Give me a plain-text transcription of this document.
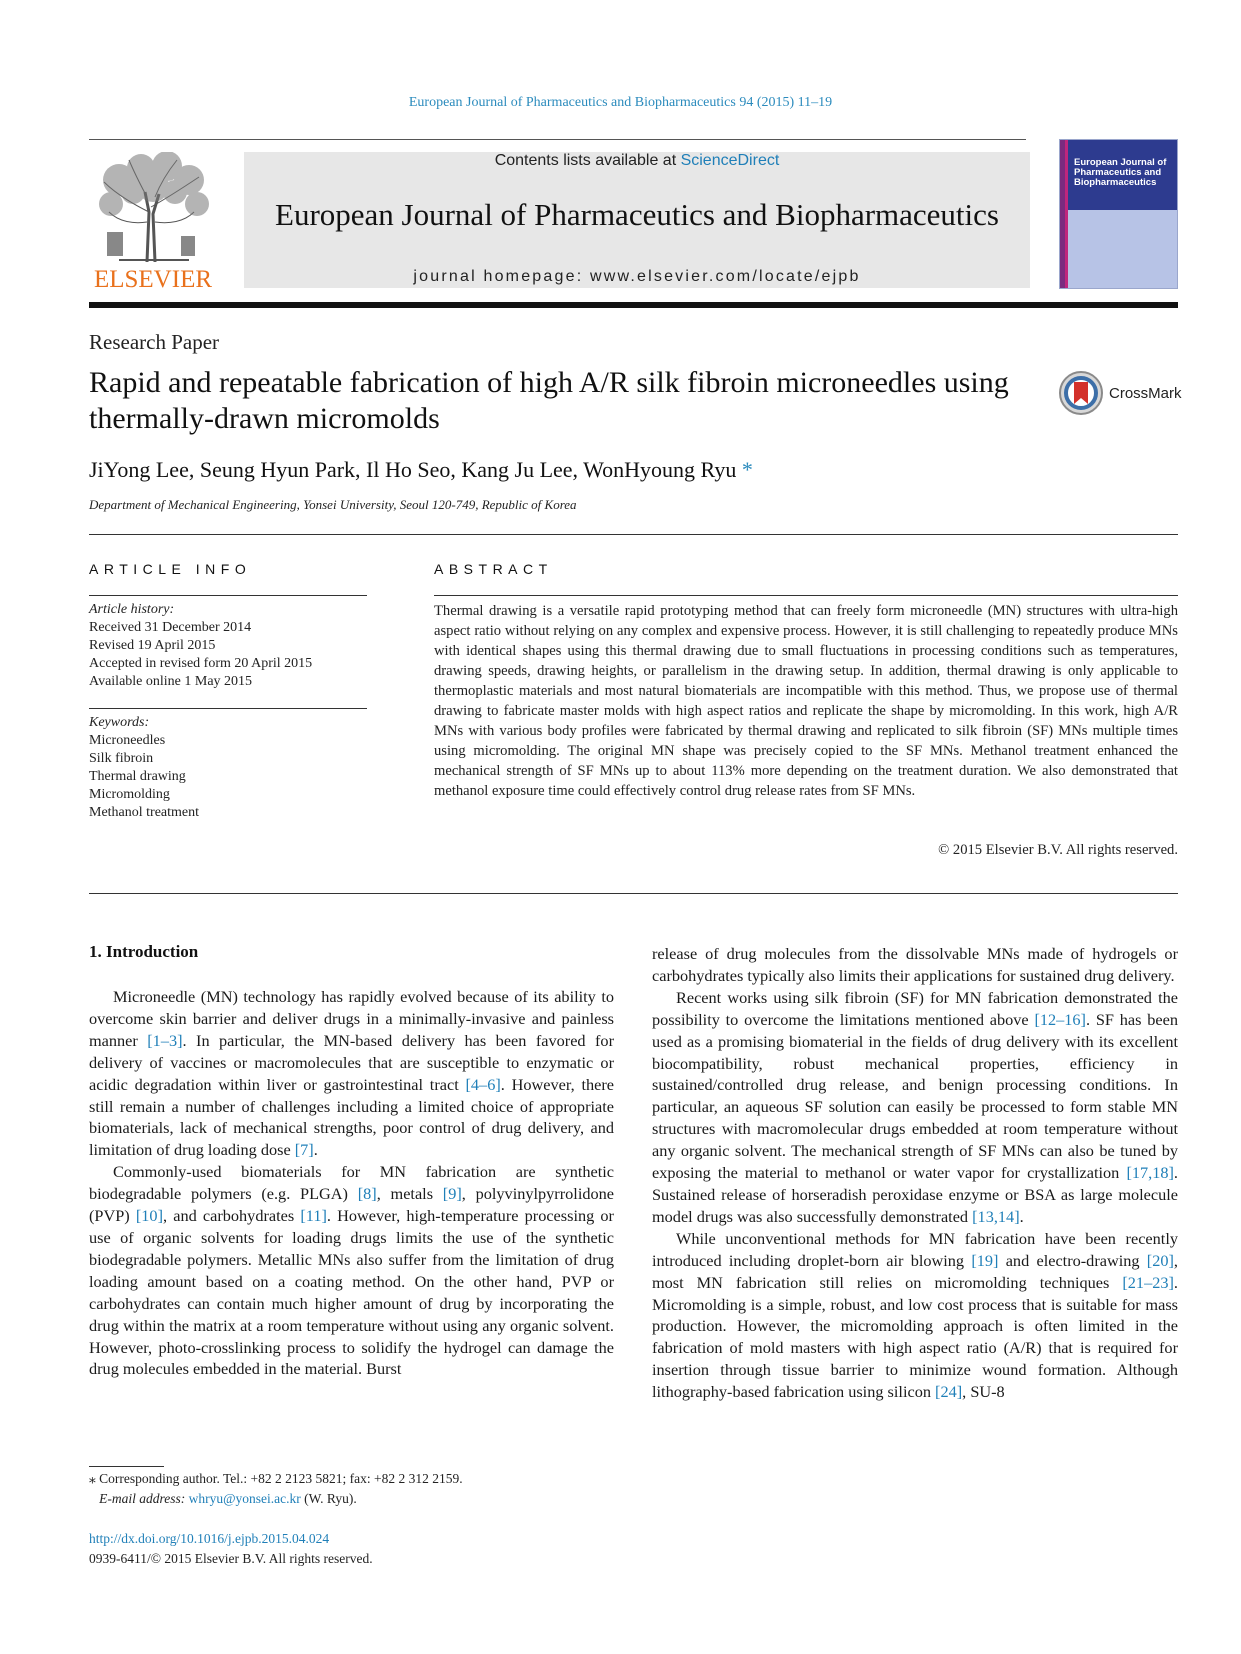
European Journal of Pharmaceutics and Biopharmaceutics 94 (2015) 11–19
ELSEVIER
Contents lists available at ScienceDirect
European Journal of Pharmaceutics and Biopharmaceutics
journal homepage: www.elsevier.com/locate/ejpb
European Journal of Pharmaceutics and Biopharmaceutics
Research Paper
Rapid and repeatable fabrication of high A/R silk fibroin microneedles using thermally-drawn micromolds
CrossMark
JiYong Lee, Seung Hyun Park, Il Ho Seo, Kang Ju Lee, WonHyoung Ryu *
Department of Mechanical Engineering, Yonsei University, Seoul 120-749, Republic of Korea
ARTICLE INFO
Article history:
Received 31 December 2014
Revised 19 April 2015
Accepted in revised form 20 April 2015
Available online 1 May 2015
Keywords:
Microneedles
Silk fibroin
Thermal drawing
Micromolding
Methanol treatment
ABSTRACT
Thermal drawing is a versatile rapid prototyping method that can freely form microneedle (MN) structures with ultra-high aspect ratio without relying on any complex and expensive process. However, it is still challenging to repeatedly produce MNs with identical shapes using this thermal drawing due to small fluctuations in processing conditions such as temperatures, drawing speeds, drawing heights, or parallelism in the drawing setup. In addition, thermal drawing is only applicable to thermoplastic materials and most natural biomaterials are incompatible with this method. Thus, we propose use of thermal drawing to fabricate master molds with high aspect ratios and replicate the shape by micromolding. In this work, high A/R MNs with various body profiles were fabricated by thermal drawing and replicated to silk fibroin (SF) MNs multiple times using micromolding. The original MN shape was precisely copied to the SF MNs. Methanol treatment enhanced the mechanical strength of SF MNs up to about 113% more depending on the treatment duration. We also demonstrated that methanol exposure time could effectively control drug release rates from SF MNs.
© 2015 Elsevier B.V. All rights reserved.
1. Introduction

Microneedle (MN) technology has rapidly evolved because of its ability to overcome skin barrier and deliver drugs in a minimally-invasive and painless manner [1–3]. In particular, the MN-based delivery has been favored for delivery of vaccines or macromolecules that are susceptible to enzymatic or acidic degradation within liver or gastrointestinal tract [4–6]. However, there still remain a number of challenges including a limited choice of appropriate biomaterials, lack of mechanical strengths, poor control of drug delivery, and limitation of drug loading dose [7].

Commonly-used biomaterials for MN fabrication are synthetic biodegradable polymers (e.g. PLGA) [8], metals [9], polyvinylpyrrolidone (PVP) [10], and carbohydrates [11]. However, high-temperature processing or use of organic solvents for loading drugs limits the use of the synthetic biodegradable polymers. Metallic MNs also suffer from the limitation of drug loading amount based on a coating method. On the other hand, PVP or carbohydrates can contain much higher amount of drug by incorporating the drug within the matrix at a room temperature without using any organic solvent. However, photo-crosslinking process to solidify the hydrogel can damage the drug molecules embedded in the material. Burst

release of drug molecules from the dissolvable MNs made of hydrogels or carbohydrates typically also limits their applications for sustained drug delivery.

Recent works using silk fibroin (SF) for MN fabrication demonstrated the possibility to overcome the limitations mentioned above [12–16]. SF has been used as a promising biomaterial in the fields of drug delivery with its excellent biocompatibility, robust mechanical properties, efficiency in sustained/controlled drug release, and benign processing conditions. In particular, an aqueous SF solution can easily be processed to form stable MN structures with macromolecular drugs embedded at room temperature without any organic solvent. The mechanical strength of SF MNs can also be tuned by exposing the material to methanol or water vapor for crystallization [17,18]. Sustained release of horseradish peroxidase enzyme or BSA as large molecule model drugs was also successfully demonstrated [13,14].

While unconventional methods for MN fabrication have been recently introduced including droplet-born air blowing [19] and electro-drawing [20], most MN fabrication still relies on micromolding techniques [21–23]. Micromolding is a simple, robust, and low cost process that is suitable for mass production. However, the micromolding approach is often limited in the fabrication of mold masters with high aspect ratio (A/R) that is required for insertion through tissue barrier to minimize wound formation. Although lithography-based fabrication using silicon [24], SU-8

⁎ Corresponding author. Tel.: +82 2 2123 5821; fax: +82 2 312 2159.
E-mail address: whryu@yonsei.ac.kr (W. Ryu).
http://dx.doi.org/10.1016/j.ejpb.2015.04.024
0939-6411/© 2015 Elsevier B.V. All rights reserved.
